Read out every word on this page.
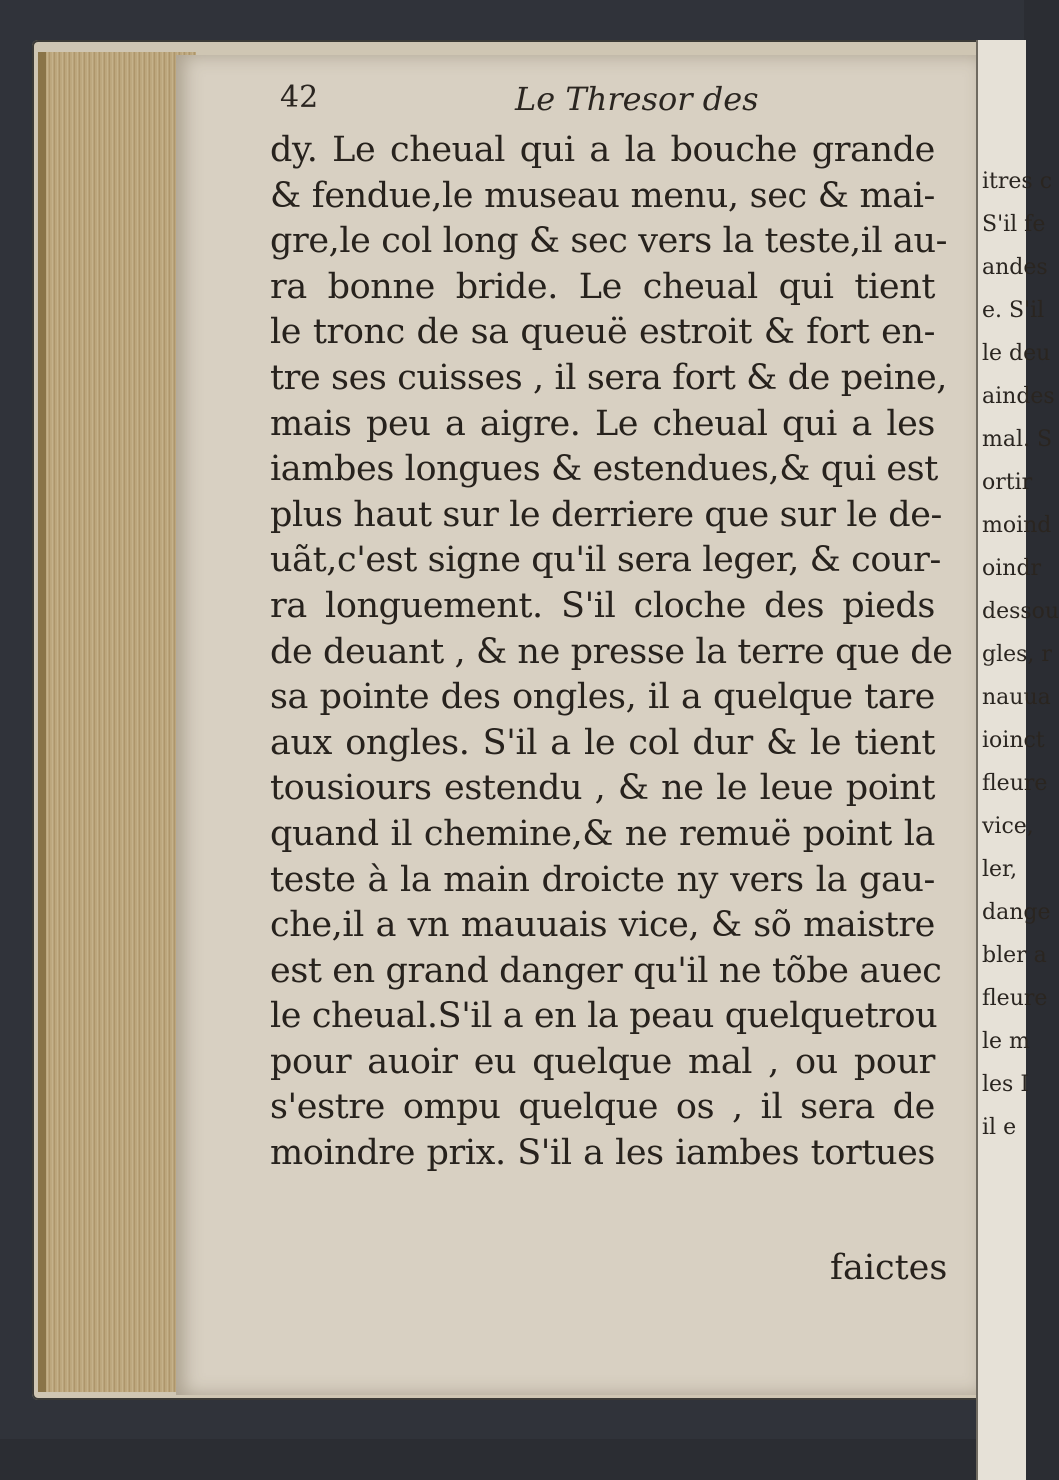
itres c
S'il fe
andes
e. S'il
le deu
aindes
mal. S
ortir
moind
oindr
dessou
gles, r
nauua
ioinct
fleure
vice,
ler,
dange
bler a
fleure
le m
les I
il e
42	Le Thresor des
dy. Le cheual qui a la bouche grande
& fendue,le museau menu, sec & mai-
gre,le col long & sec vers la teste,il au-
ra bonne bride. Le cheual qui tient
le tronc de sa queuë estroit & fort en-
tre ses cuisses , il sera fort & de peine,
mais peu a aigre. Le cheual qui a les
iambes longues & estendues,& qui est
plus haut sur le derriere que sur le de-
uãt,c'est signe qu'il sera leger, & cour-
ra longuement. S'il cloche des pieds
de deuant , & ne presse la terre que de
sa pointe des ongles, il a quelque tare
aux ongles. S'il a le col dur & le tient
tousiours estendu , & ne le leue point
quand il chemine,& ne remuë point la
teste à la main droicte ny vers la gau-
che,il a vn mauuais vice, & sõ maistre
est en grand danger qu'il ne tõbe auec
le cheual.S'il a en la peau quelquetrou
pour auoir eu quelque mal , ou pour
s'estre ompu quelque os , il sera de
moindre prix. S'il a les iambes tortues
faictes
